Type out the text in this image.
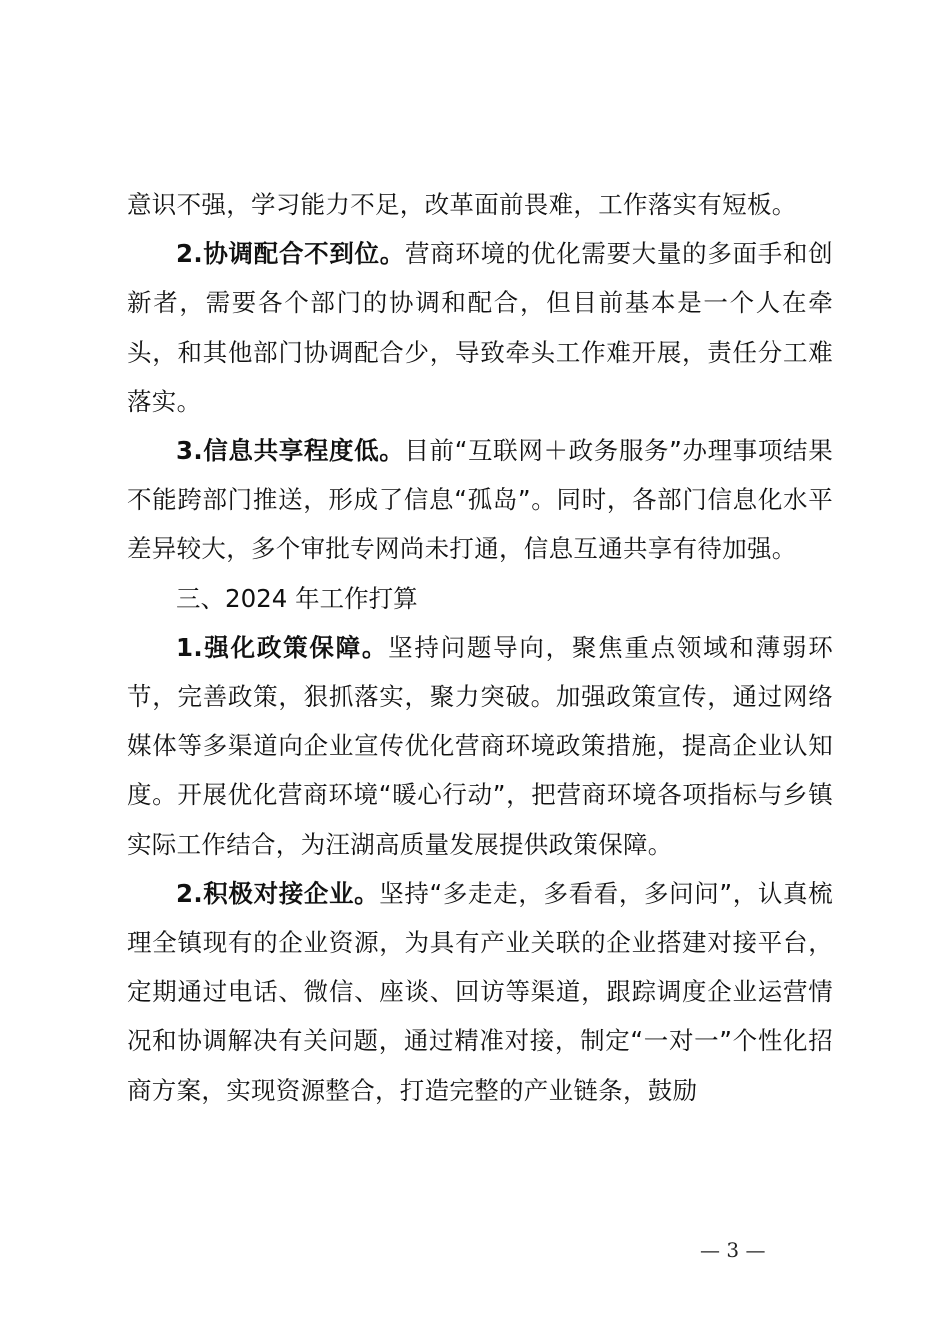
意识不强，学习能力不足，改革面前畏难，工作落实有短板。

2.协调配合不到位。营商环境的优化需要大量的多面手和创新者，需要各个部门的协调和配合，但目前基本是一个人在牵头，和其他部门协调配合少，导致牵头工作难开展，责任分工难落实。

3.信息共享程度低。目前“互联网＋政务服务”办理事项结果不能跨部门推送，形成了信息“孤岛”。同时，各部门信息化水平差异较大，多个审批专网尚未打通，信息互通共享有待加强。

三、2024 年工作打算

1.强化政策保障。坚持问题导向，聚焦重点领域和薄弱环节，完善政策，狠抓落实，聚力突破。加强政策宣传，通过网络媒体等多渠道向企业宣传优化营商环境政策措施，提高企业认知度。开展优化营商环境“暖心行动”，把营商环境各项指标与乡镇实际工作结合，为汪湖高质量发展提供政策保障。

2.积极对接企业。坚持“多走走，多看看，多问问”，认真梳理全镇现有的企业资源，为具有产业关联的企业搭建对接平台，定期通过电话、微信、座谈、回访等渠道，跟踪调度企业运营情况和协调解决有关问题，通过精准对接，制定“一对一”个性化招商方案，实现资源整合，打造完整的产业链条，鼓励

— 3 —
